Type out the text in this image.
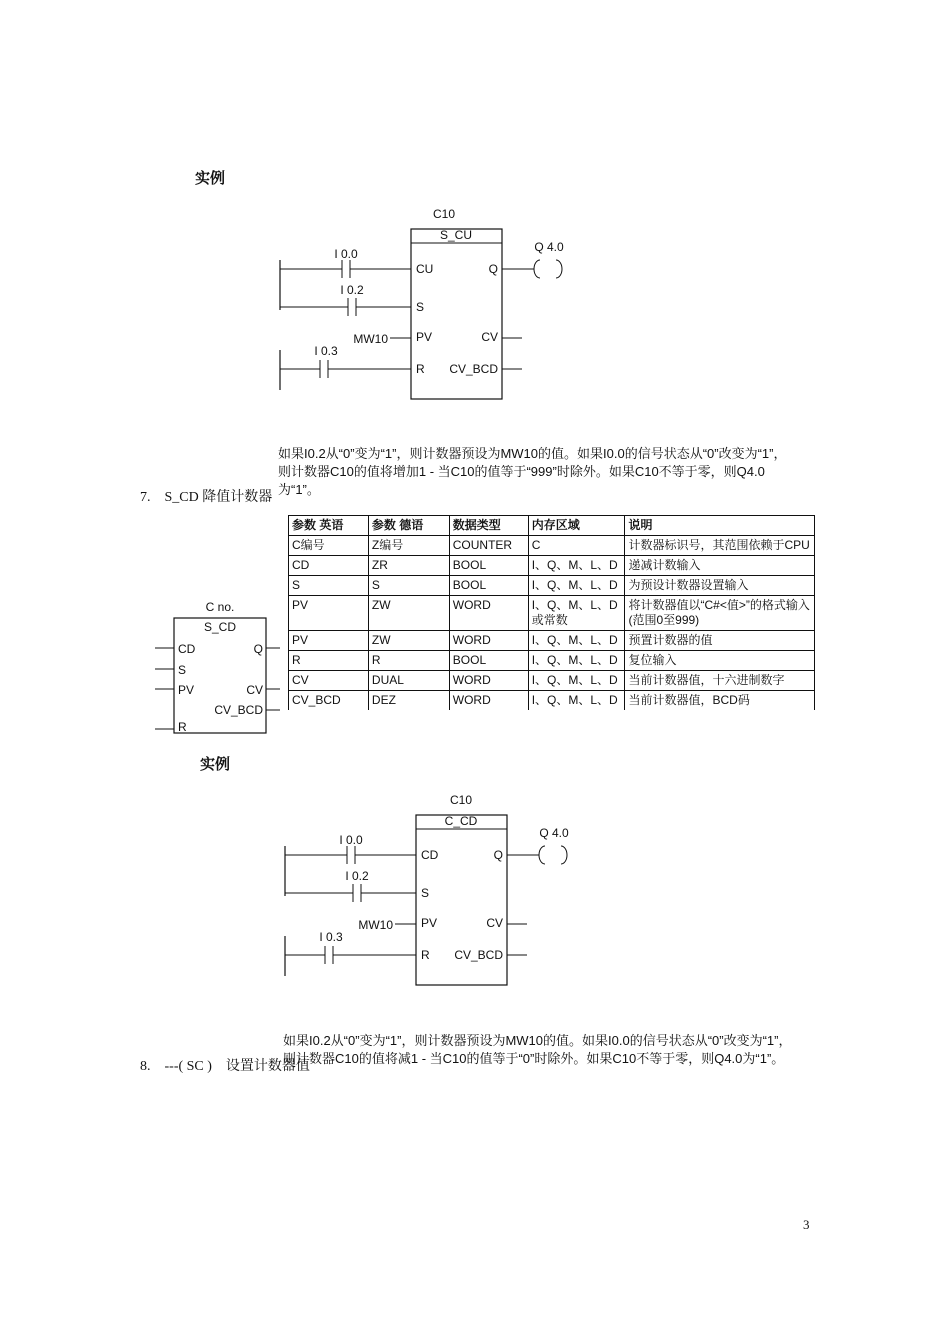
实例
C10
S_CU
CU
S
PV
R
Q
CV
CV_BCD
I 0.0
I 0.2
MW10
I 0.3
Q 4.0
如果I0.2从“0”变为“1”，则计数器预设为MW10的值。如果I0.0的信号状态从“0”改变为“1”，则计数器C10的值将增加1 - 当C10的值等于“999”时除外。如果C10不等于零，则Q4.0为“1”。
7.　S_CD 降值计数器
C no.
S_CD
CD
S
PV
R
Q
CV
CV_BCD
参数 英语	参数 德语	数据类型	内存区域	说明
C编号	Z编号	COUNTER	C	计数器标识号，其范围依赖于CPU
CD	ZR	BOOL	I、Q、M、L、D	递减计数输入
S	S	BOOL	I、Q、M、L、D	为预设计数器设置输入
PV	ZW	WORD	I、Q、M、L、D 或常数	将计数器值以“C#<值>”的格式输入(范围0至999)
PV	ZW	WORD	I、Q、M、L、D	预置计数器的值
R	R	BOOL	I、Q、M、L、D	复位输入
CV	DUAL	WORD	I、Q、M、L、D	当前计数器值，十六进制数字
CV_BCD	DEZ	WORD	I、Q、M、L、D	当前计数器值，BCD码
实例
C10
C_CD
CD
S
PV
R
Q
CV
CV_BCD
I 0.0
I 0.2
MW10
I 0.3
Q 4.0
如果I0.2从“0”变为“1”，则计数器预设为MW10的值。如果I0.0的信号状态从“0”改变为“1”，则计数器C10的值将减1 - 当C10的值等于“0”时除外。如果C10不等于零，则Q4.0为“1”。
8.　---( SC )　设置计数器值
3
